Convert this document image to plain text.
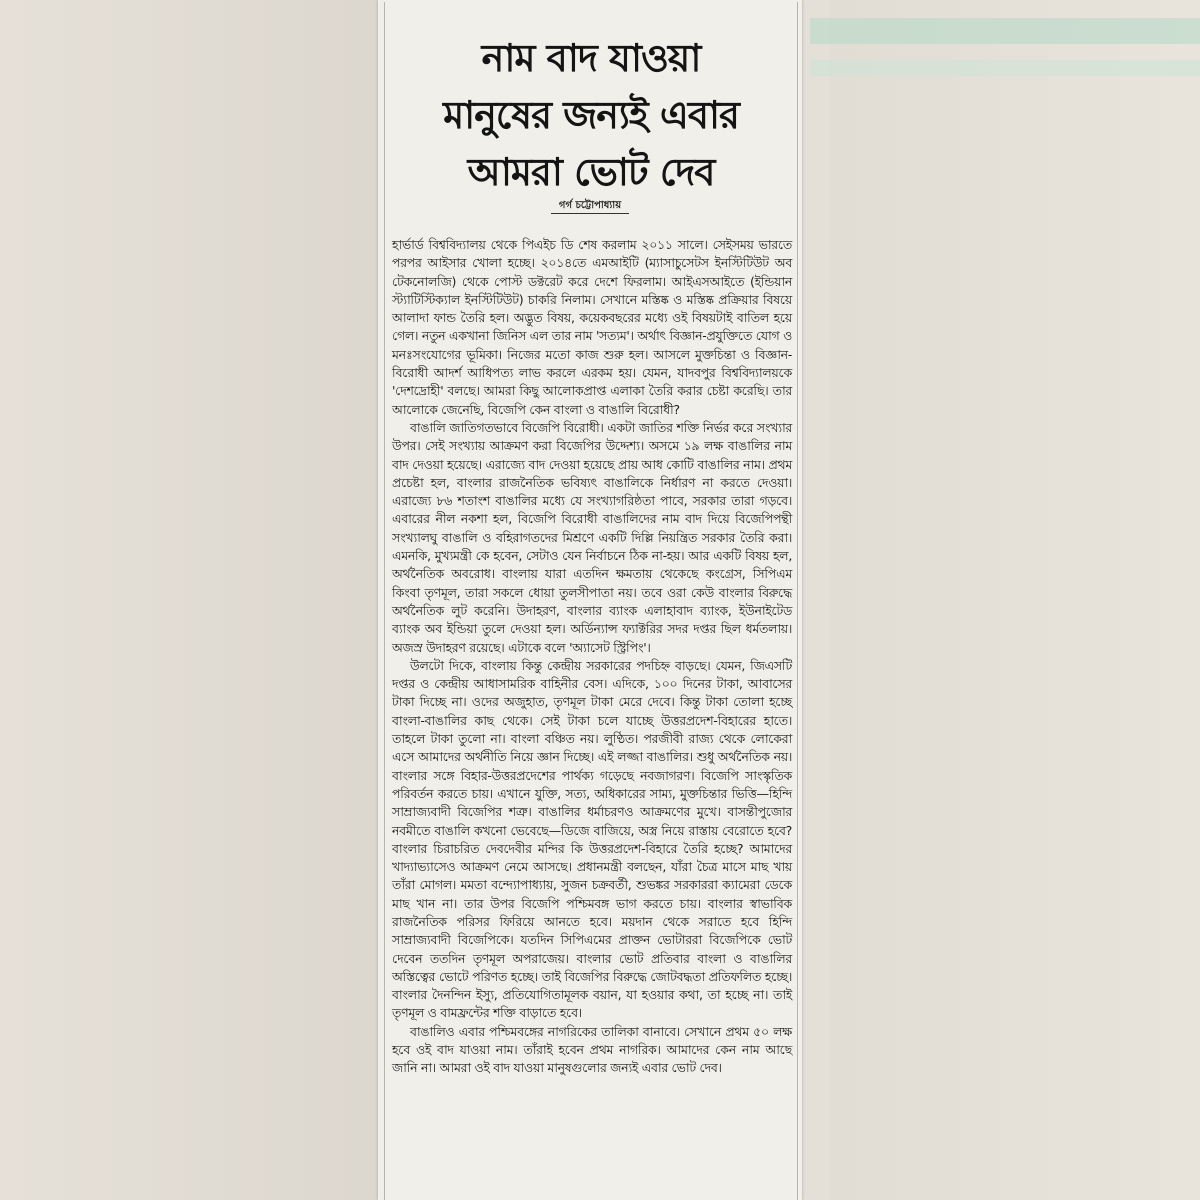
নাম বাদ যাওয়া
মানুষের জন্যই এবার
আমরা ভোট দেব
গর্গ চট্টোপাধ্যায়

হার্ভার্ড বিশ্ববিদ্যালয় থেকে পিএইচ ডি শেষ করলাম ২০১১ সালে। সেইসময় ভারতে পরপর আইসার খোলা হচ্ছে। ২০১৪তে এমআইটি (ম্যাসাচুসেটস ইনস্টিটিউট অব টেকনোলজি) থেকে পোস্ট ডক্টরেট করে দেশে ফিরলাম। আইএসআইতে (ইন্ডিয়ান স্ট্যাটিস্টিক্যাল ইনস্টিটিউট) চাকরি নিলাম। সেখানে মস্তিষ্ক ও মস্তিষ্ক প্রক্রিয়ার বিষয়ে আলাদা ফান্ড তৈরি হল। অদ্ভুত বিষয়, কয়েকবছরের মধ্যে ওই বিষয়টাই বাতিল হয়ে গেল। নতুন একখানা জিনিস এল তার নাম 'সত্যম'। অর্থাৎ বিজ্ঞান-প্রযুক্তিতে যোগ ও মনঃসংযোগের ভূমিকা। নিজের মতো কাজ শুরু হল। আসলে মুক্তচিন্তা ও বিজ্ঞান-বিরোধী আদর্শ আধিপত্য লাভ করলে এরকম হয়। যেমন, যাদবপুর বিশ্ববিদ্যালয়কে 'দেশদ্রোহী' বলছে। আমরা কিছু আলোকপ্রাপ্ত এলাকা তৈরি করার চেষ্টা করেছি। তার আলোকে জেনেছি, বিজেপি কেন বাংলা ও বাঙালি বিরোধী?

বাঙালি জাতিগতভাবে বিজেপি বিরোধী। একটা জাতির শক্তি নির্ভর করে সংখ্যার উপর। সেই সংখ্যায় আক্রমণ করা বিজেপির উদ্দেশ্য। অসমে ১৯ লক্ষ বাঙালির নাম বাদ দেওয়া হয়েছে। এরাজ্যে বাদ দেওয়া হয়েছে প্রায় আধ কোটি বাঙালির নাম। প্রথম প্রচেষ্টা হল, বাংলার রাজনৈতিক ভবিষ্যৎ বাঙালিকে নির্ধারণ না করতে দেওয়া। এরাজ্যে ৮৬ শতাংশ বাঙালির মধ্যে যে সংখ্যাগরিষ্ঠতা পাবে, সরকার তারা গড়বে। এবারের নীল নকশা হল, বিজেপি বিরোধী বাঙালিদের নাম বাদ দিয়ে বিজেপিপন্থী সংখ্যালঘু বাঙালি ও বহিরাগতদের মিশ্রণে একটি দিল্লি নিয়ন্ত্রিত সরকার তৈরি করা। এমনকি, মুখ্যমন্ত্রী কে হবেন, সেটাও যেন নির্বাচনে ঠিক না-হয়। আর একটি বিষয় হল, অর্থনৈতিক অবরোধ। বাংলায় যারা এতদিন ক্ষমতায় থেকেছে কংগ্রেস, সিপিএম কিংবা তৃণমূল, তারা সকলে ধোয়া তুলসীপাতা নয়। তবে ওরা কেউ বাংলার বিরুদ্ধে অর্থনৈতিক লুট করেনি। উদাহরণ, বাংলার ব্যাংক এলাহাবাদ ব্যাংক, ইউনাইটেড ব্যাংক অব ইন্ডিয়া তুলে দেওয়া হল। অর্ডিন্যান্স ফ্যাক্টরির সদর দপ্তর ছিল ধর্মতলায়। অজস্র উদাহরণ রয়েছে। এটাকে বলে 'অ্যাসেট স্ট্রিপিং'।

উলটো দিকে, বাংলায় কিন্তু কেন্দ্রীয় সরকারের পদচিহ্ন বাড়ছে। যেমন, জিএসটি দপ্তর ও কেন্দ্রীয় আধাসামরিক বাহিনীর বেস। এদিকে, ১০০ দিনের টাকা, আবাসের টাকা দিচ্ছে না। ওদের অজুহাত, তৃণমূল টাকা মেরে দেবে। কিন্তু টাকা তোলা হচ্ছে বাংলা-বাঙালির কাছ থেকে। সেই টাকা চলে যাচ্ছে উত্তরপ্রদেশ-বিহারের হাতে। তাহলে টাকা তুলো না। বাংলা বঞ্চিত নয়। লুণ্ঠিত। পরজীবী রাজ্য থেকে লোকেরা এসে আমাদের অর্থনীতি নিয়ে জ্ঞান দিচ্ছে। এই লজ্জা বাঙালির। শুধু অর্থনৈতিক নয়। বাংলার সঙ্গে বিহার-উত্তরপ্রদেশের পার্থক্য গড়েছে নবজাগরণ। বিজেপি সাংস্কৃতিক পরিবর্তন করতে চায়। এখানে যুক্তি, সত্য, অধিকারের সাম্য, মুক্তচিন্তার ভিত্তি—হিন্দি সাম্রাজ্যবাদী বিজেপির শত্রু। বাঙালির ধর্মাচরণও আক্রমণের মুখে। বাসন্তীপুজোর নবমীতে বাঙালি কখনো ভেবেছে—ডিজে বাজিয়ে, অস্ত্র নিয়ে রাস্তায় বেরোতে হবে? বাংলার চিরাচরিত দেবদেবীর মন্দির কি উত্তরপ্রদেশ-বিহারে তৈরি হচ্ছে? আমাদের খাদ্যাভ্যাসেও আক্রমণ নেমে আসছে। প্রধানমন্ত্রী বলছেন, যাঁরা চৈত্র মাসে মাছ খায় তাঁরা মোগল। মমতা বন্দ্যোপাধ্যায়, সুজন চক্রবর্তী, শুভঙ্কর সরকাররা ক্যামেরা ডেকে মাছ খান না। তার উপর বিজেপি পশ্চিমবঙ্গ ভাগ করতে চায়। বাংলার স্বাভাবিক রাজনৈতিক পরিসর ফিরিয়ে আনতে হবে। ময়দান থেকে সরাতে হবে হিন্দি সাম্রাজ্যবাদী বিজেপিকে। যতদিন সিপিএমের প্রাক্তন ভোটাররা বিজেপিকে ভোট দেবেন ততদিন তৃণমূল অপরাজেয়। বাংলার ভোট প্রতিবার বাংলা ও বাঙালির অস্তিত্বের ভোটে পরিণত হচ্ছে। তাই বিজেপির বিরুদ্ধে জোটবদ্ধতা প্রতিফলিত হচ্ছে। বাংলার দৈনন্দিন ইস্যু, প্রতিযোগিতামূলক বয়ান, যা হওয়ার কথা, তা হচ্ছে না। তাই তৃণমূল ও বামফ্রন্টের শক্তি বাড়াতে হবে।

বাঙালিও এবার পশ্চিমবঙ্গের নাগরিকের তালিকা বানাবে। সেখানে প্রথম ৫০ লক্ষ হবে ওই বাদ যাওয়া নাম। তাঁরাই হবেন প্রথম নাগরিক। আমাদের কেন নাম আছে জানি না। আমরা ওই বাদ যাওয়া মানুষগুলোর জন্যই এবার ভোট দেব।
